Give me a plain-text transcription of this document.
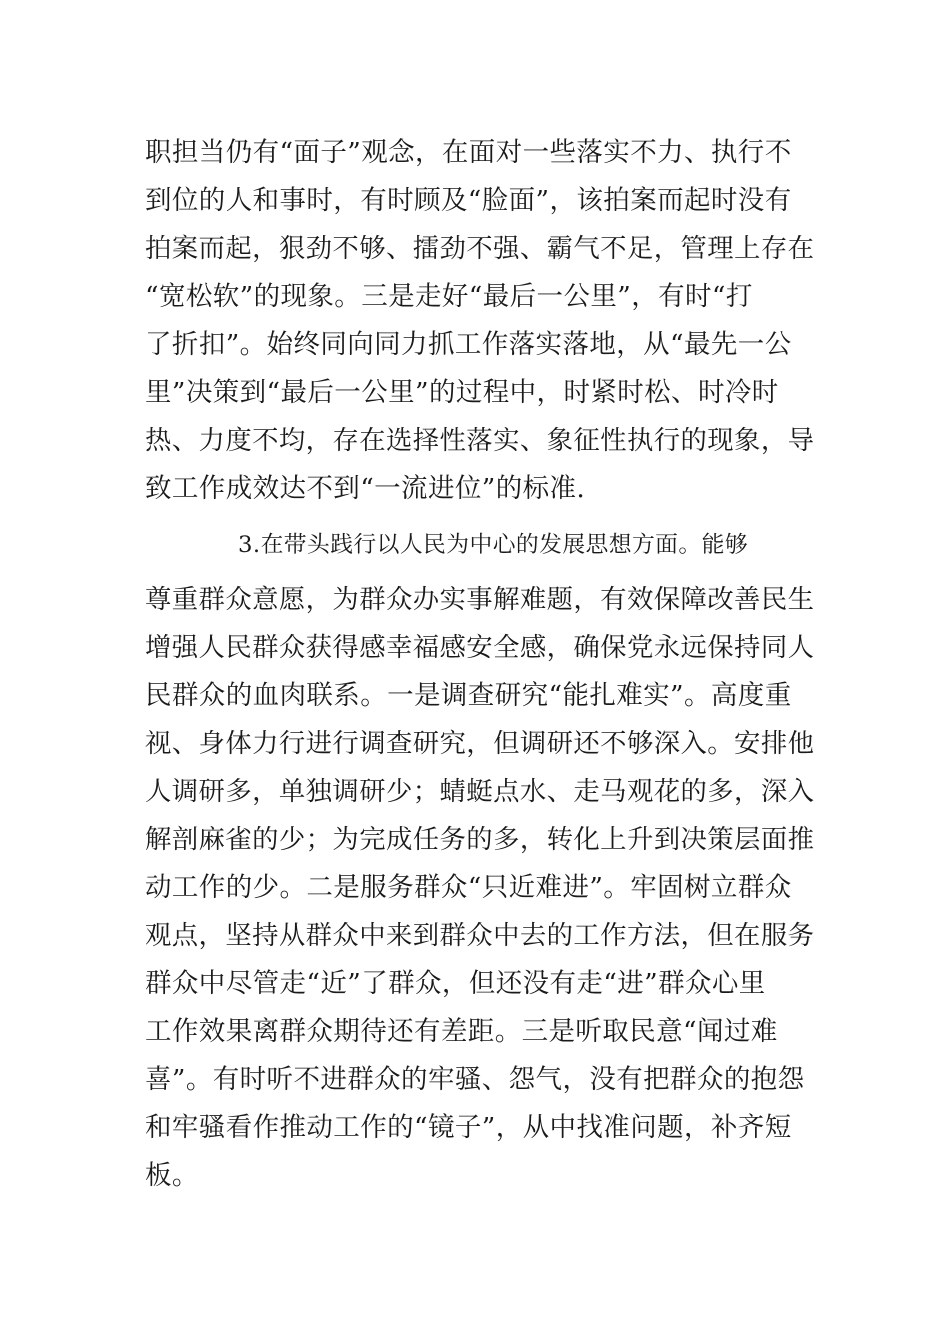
职担当仍有“面子”观念，在面对一些落实不力、执行不
到位的人和事时，有时顾及“脸面”，该拍案而起时没有
拍案而起，狠劲不够、擂劲不强、霸气不足，管理上存在
“宽松软”的现象。三是走好“最后一公里”，有时“打
了折扣”。始终同向同力抓工作落实落地，从“最先一公
里”决策到“最后一公里”的过程中，时紧时松、时冷时
热、力度不均，存在选择性落实、象征性执行的现象，导
致工作成效达不到“一流进位”的标准.
3.在带头践行以人民为中心的发展思想方面。能够
尊重群众意愿，为群众办实事解难题，有效保障改善民生
增强人民群众获得感幸福感安全感，确保党永远保持同人
民群众的血肉联系。一是调查研究“能扎难实”。高度重
视、身体力行进行调查研究，但调研还不够深入。安排他
人调研多，单独调研少；蜻蜓点水、走马观花的多，深入
解剖麻雀的少；为完成任务的多，转化上升到决策层面推
动工作的少。二是服务群众“只近难进”。牢固树立群众
观点，坚持从群众中来到群众中去的工作方法，但在服务
群众中尽管走“近”了群众，但还没有走“进”群众心里
工作效果离群众期待还有差距。三是听取民意“闻过难
喜”。有时听不进群众的牢骚、怨气，没有把群众的抱怨
和牢骚看作推动工作的“镜子”，从中找准问题，补齐短
板。
